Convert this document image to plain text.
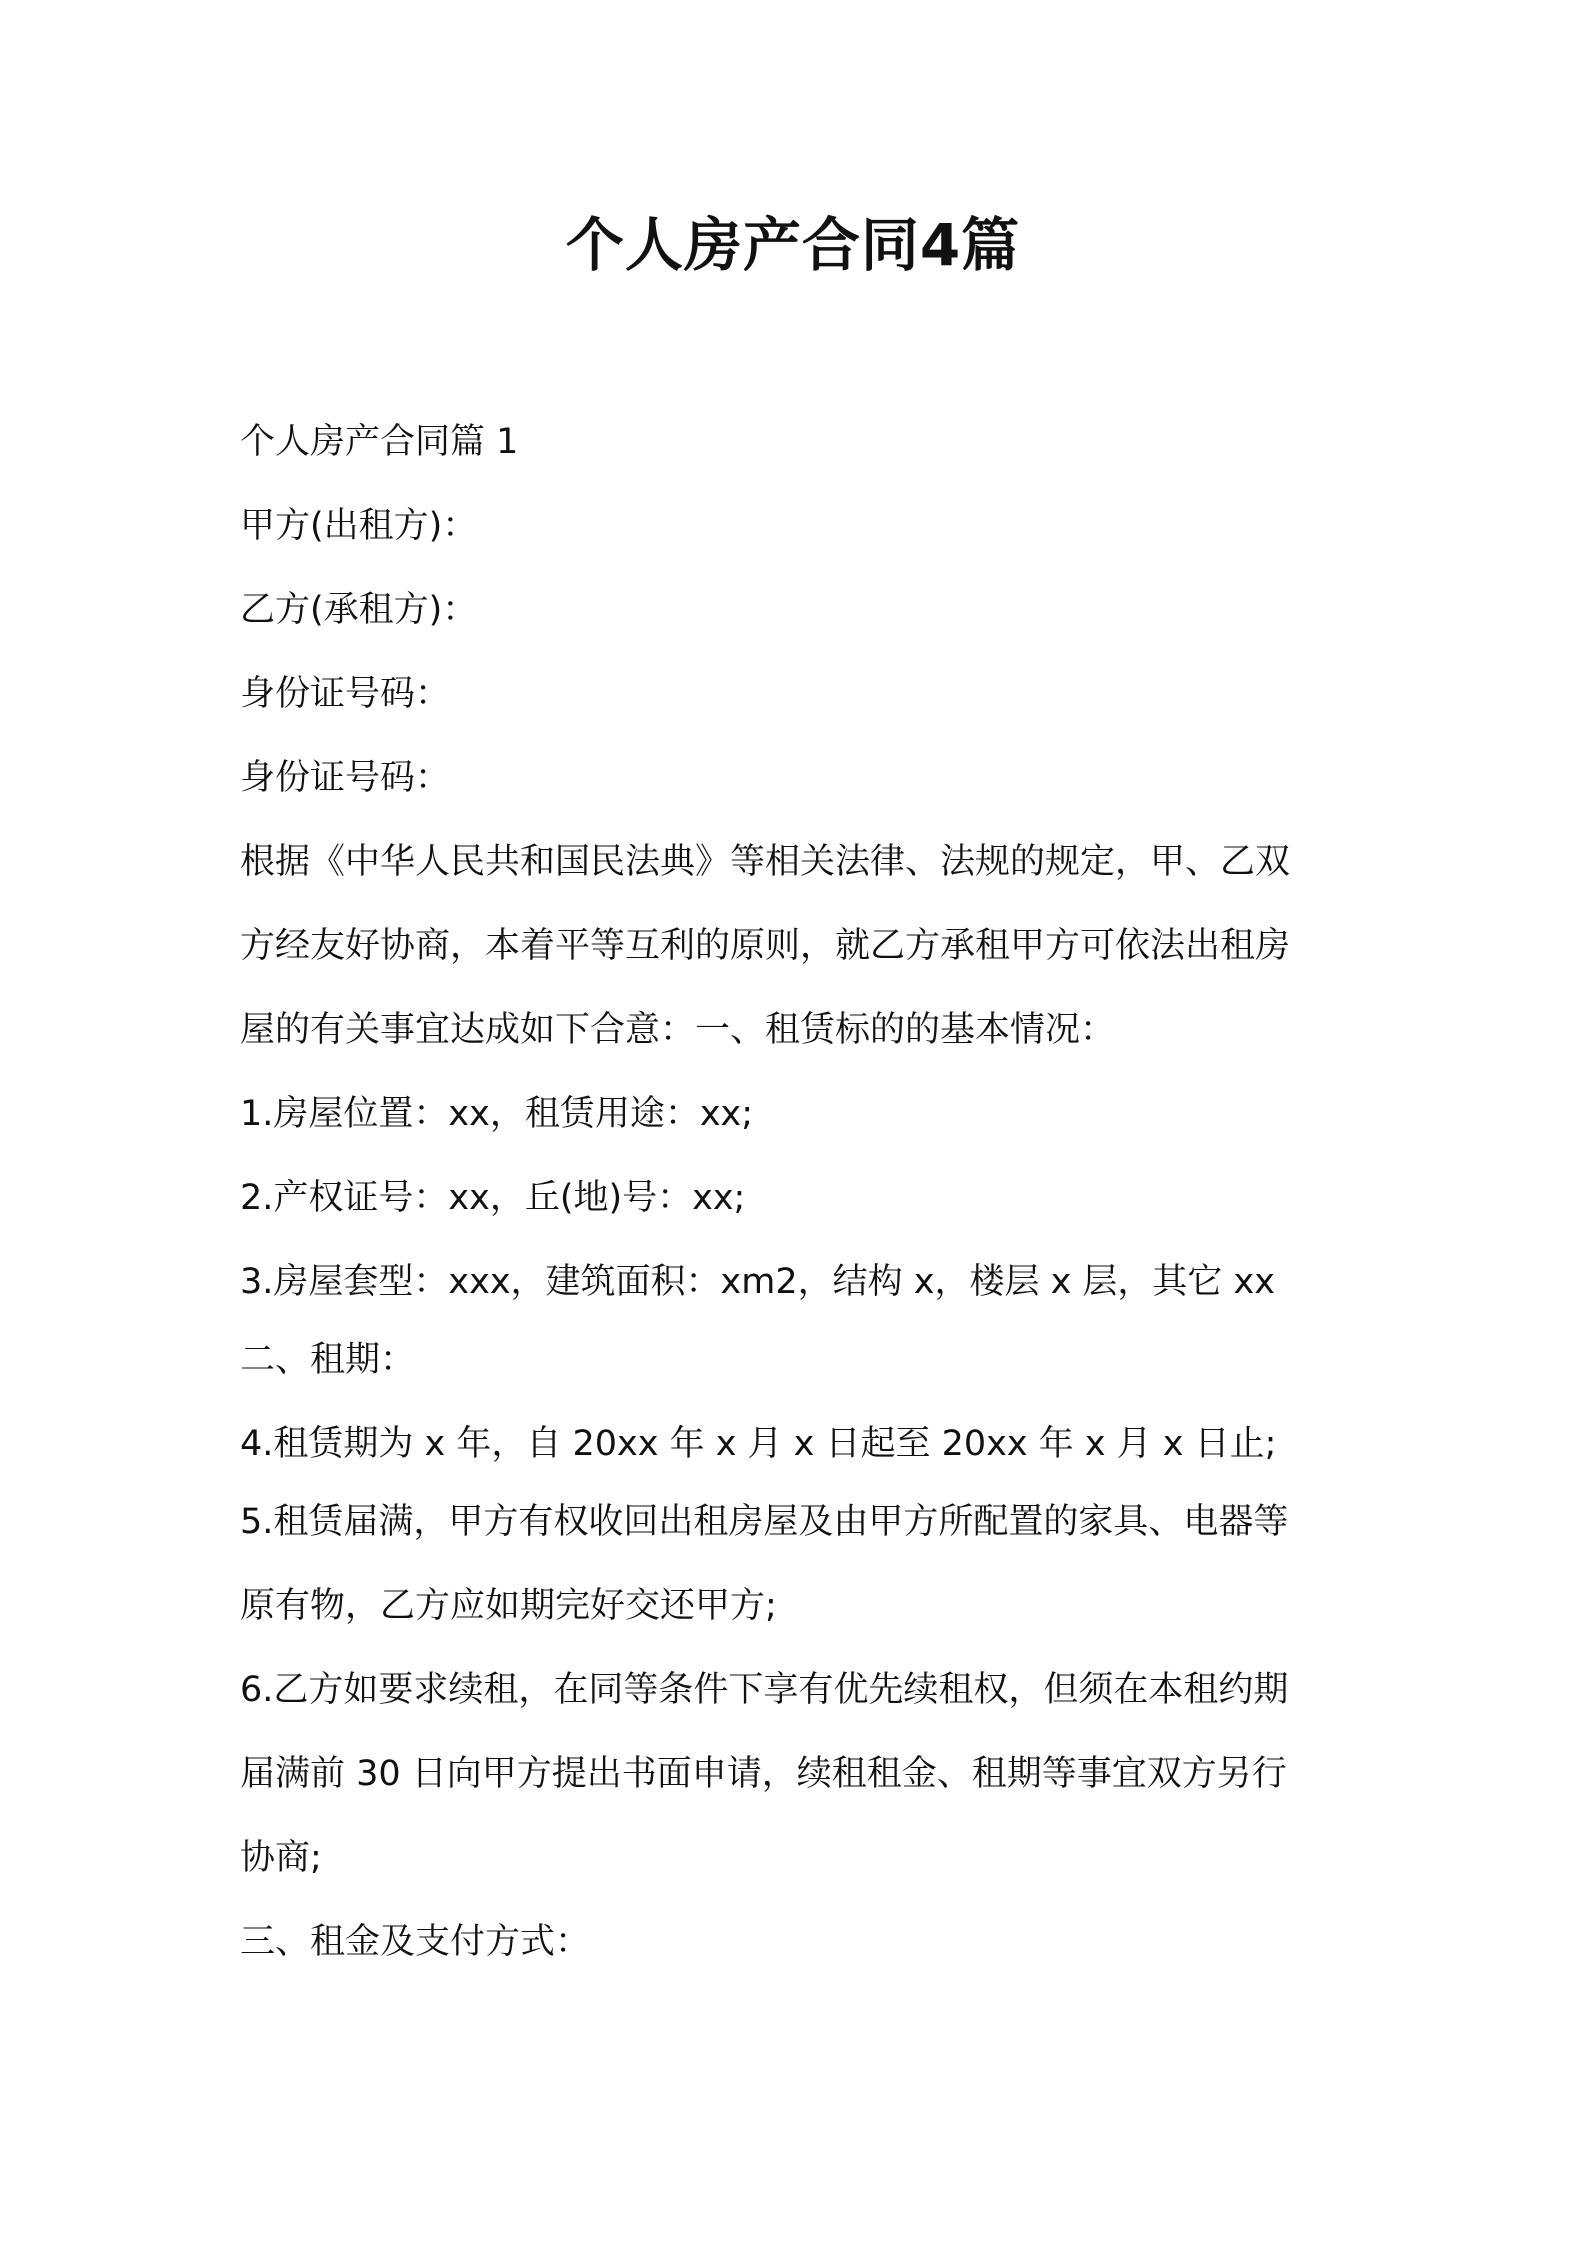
个人房产合同4篇
个人房产合同篇 1
甲方(出租方)：
乙方(承租方)：
身份证号码：
身份证号码：
根据《中华人民共和国民法典》等相关法律、法规的规定，甲、乙双
方经友好协商，本着平等互利的原则，就乙方承租甲方可依法出租房
屋的有关事宜达成如下合意：一、租赁标的的基本情况：
1.房屋位置：xx，租赁用途：xx;
2.产权证号：xx，丘(地)号：xx;
3.房屋套型：xxx，建筑面积：xm2，结构 x，楼层 x 层，其它 xx
二、租期：
4.租赁期为 x 年，自 20xx 年 x 月 x 日起至 20xx 年 x 月 x 日止;
5.租赁届满，甲方有权收回出租房屋及由甲方所配置的家具、电器等
原有物，乙方应如期完好交还甲方;
6.乙方如要求续租，在同等条件下享有优先续租权，但须在本租约期
届满前 30 日向甲方提出书面申请，续租租金、租期等事宜双方另行
协商;
三、租金及支付方式：
